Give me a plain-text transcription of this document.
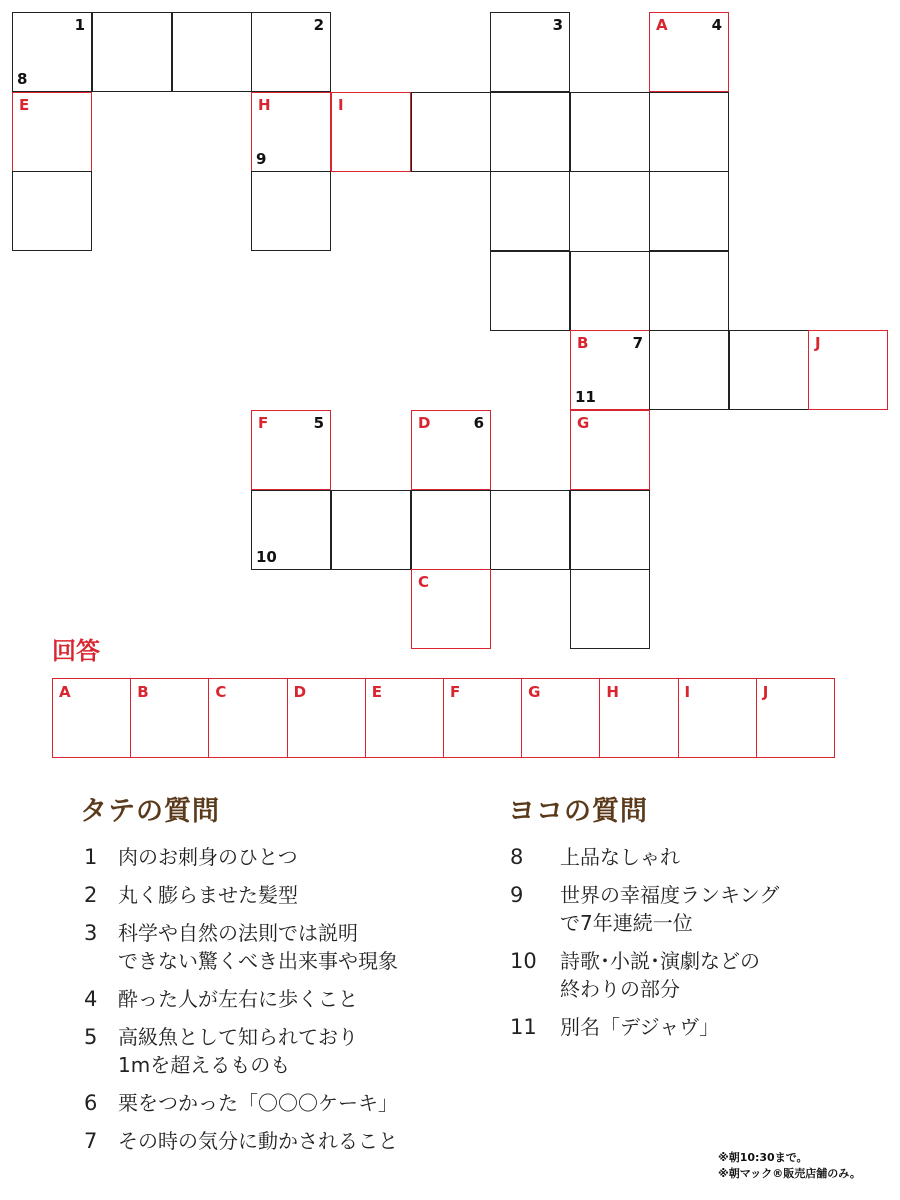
1
8
2	3	A	4
E	H
9
I
B	7
11
J
F	5	D	6	G
10
C
回答
A	B	C	D	E	F	G	H	I	J
タテの質問
1	肉のお刺身のひとつ
2	丸く膨らませた髪型
3	科学や自然の法則では説明
できない驚くべき出来事や現象
4	酔った人が左右に歩くこと
5	高級魚として知られており
1mを超えるものも
6	栗をつかった「〇〇〇ケーキ」
7	その時の気分に動かされること
ヨコの質問
8	上品なしゃれ
9	世界の幸福度ランキング
で7年連続一位
10	詩歌･小説･演劇などの
終わりの部分
11	別名「デジャヴ」
※朝10:30まで。
※朝マック®販売店舗のみ。
